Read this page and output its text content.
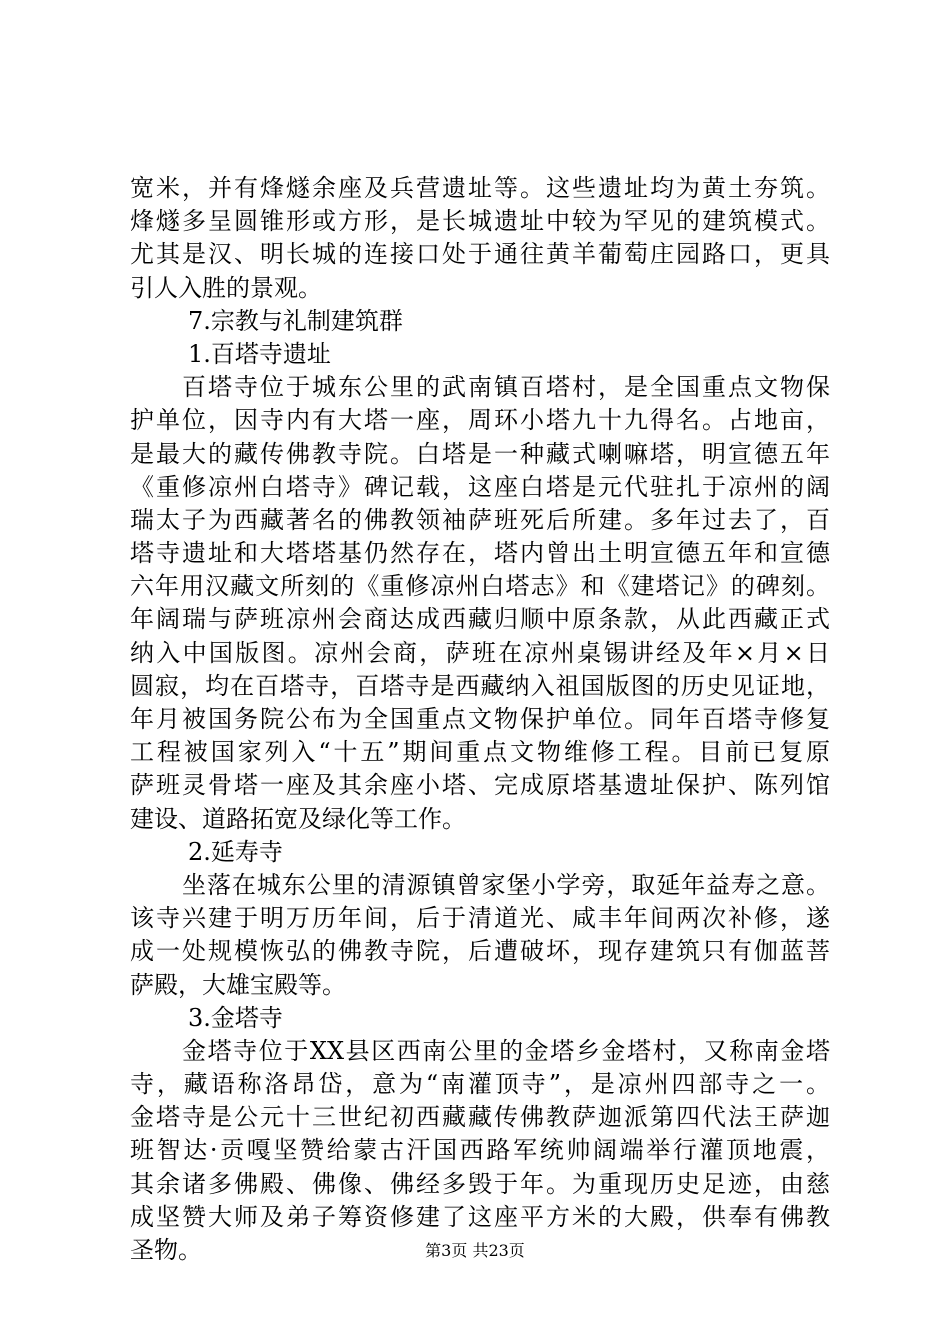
宽米，并有烽燧余座及兵营遗址等。这些遗址均为黄土夯筑。
烽燧多呈圆锥形或方形，是长城遗址中较为罕见的建筑模式。
尤其是汉、明长城的连接口处于通往黄羊葡萄庄园路口，更具
引人入胜的景观。
7.宗教与礼制建筑群
1.百塔寺遗址
百塔寺位于城东公里的武南镇百塔村，是全国重点文物保
护单位，因寺内有大塔一座，周环小塔九十九得名。占地亩，
是最大的藏传佛教寺院。白塔是一种藏式喇嘛塔，明宣德五年
《重修凉州白塔寺》碑记载，这座白塔是元代驻扎于凉州的阔
瑞太子为西藏著名的佛教领袖萨班死后所建。多年过去了，百
塔寺遗址和大塔塔基仍然存在，塔内曾出土明宣德五年和宣德
六年用汉藏文所刻的《重修凉州白塔志》和《建塔记》的碑刻。
年阔瑞与萨班凉州会商达成西藏归顺中原条款，从此西藏正式
纳入中国版图。凉州会商，萨班在凉州桌锡讲经及年×月×日
圆寂，均在百塔寺，百塔寺是西藏纳入祖国版图的历史见证地，
年月被国务院公布为全国重点文物保护单位。同年百塔寺修复
工程被国家列入“十五”期间重点文物维修工程。目前已复原
萨班灵骨塔一座及其余座小塔、完成原塔基遗址保护、陈列馆
建设、道路拓宽及绿化等工作。
2.延寿寺
坐落在城东公里的清源镇曾家堡小学旁，取延年益寿之意。
该寺兴建于明万历年间，后于清道光、咸丰年间两次补修，遂
成一处规模恢弘的佛教寺院，后遭破坏，现存建筑只有伽蓝菩
萨殿，大雄宝殿等。
3.金塔寺
金塔寺位于XX县区西南公里的金塔乡金塔村，又称南金塔
寺，藏语称洛昂岱，意为“南灌顶寺”，是凉州四部寺之一。
金塔寺是公元十三世纪初西藏藏传佛教萨迦派第四代法王萨迦
班智达·贡嘎坚赞给蒙古汗国西路军统帅阔端举行灌顶地震，
其余诸多佛殿、佛像、佛经多毁于年。为重现历史足迹，由慈
成坚赞大师及弟子筹资修建了这座平方米的大殿，供奉有佛教
圣物。	第3页 共23页
